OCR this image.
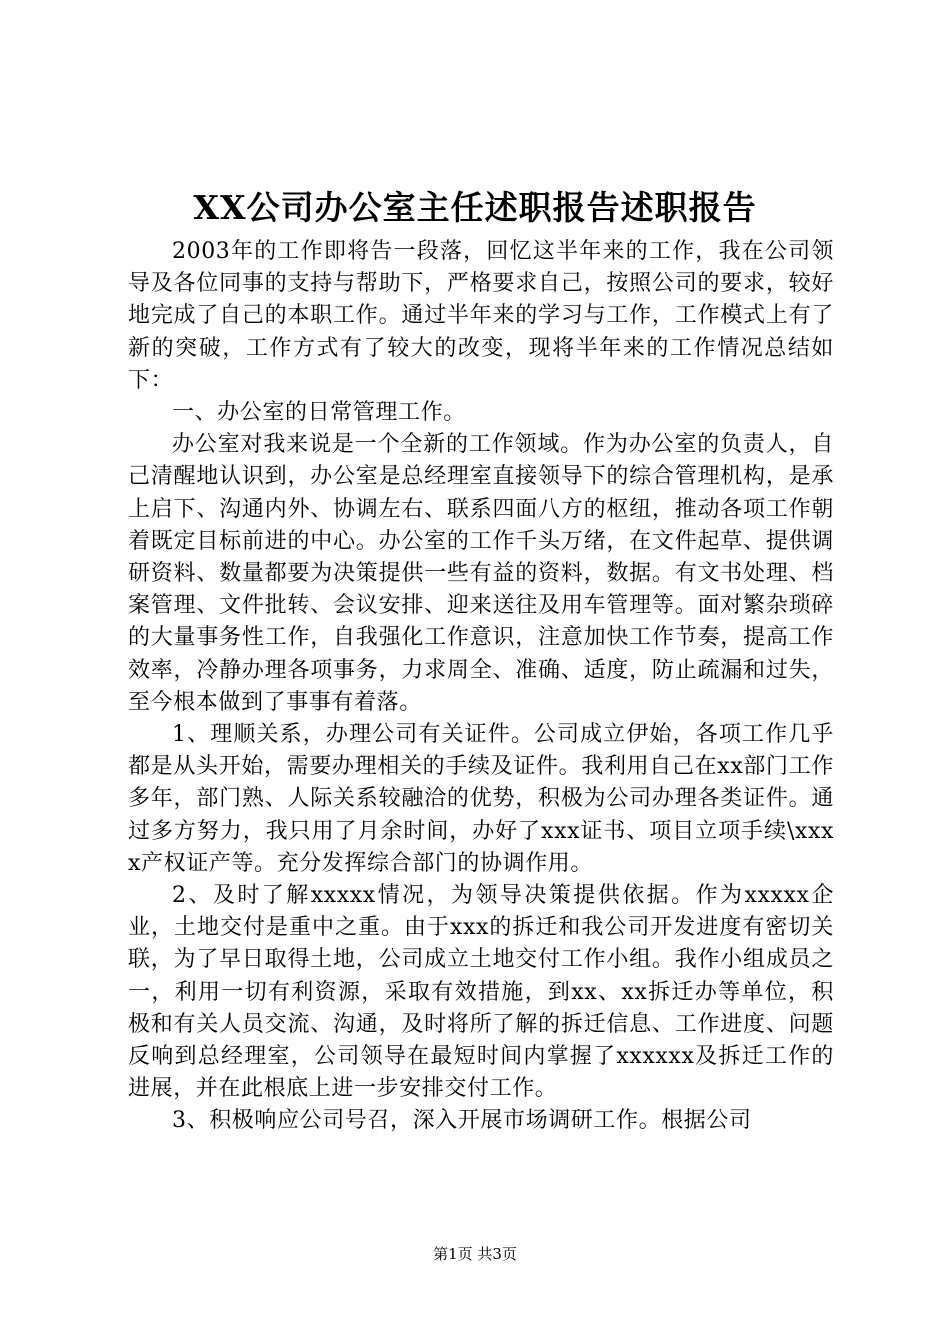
XX公司办公室主任述职报告述职报告

2003年的工作即将告一段落，回忆这半年来的工作，我在公司领导及各位同事的支持与帮助下，严格要求自己，按照公司的要求，较好地完成了自己的本职工作。通过半年来的学习与工作，工作模式上有了新的突破，工作方式有了较大的改变，现将半年来的工作情况总结如下：

一、办公室的日常管理工作。

办公室对我来说是一个全新的工作领域。作为办公室的负责人，自己清醒地认识到，办公室是总经理室直接领导下的综合管理机构，是承上启下、沟通内外、协调左右、联系四面八方的枢纽，推动各项工作朝着既定目标前进的中心。办公室的工作千头万绪，在文件起草、提供调研资料、数量都要为决策提供一些有益的资料，数据。有文书处理、档案管理、文件批转、会议安排、迎来送往及用车管理等。面对繁杂琐碎的大量事务性工作，自我强化工作意识，注意加快工作节奏，提高工作效率，冷静办理各项事务，力求周全、准确、适度，防止疏漏和过失，至今根本做到了事事有着落。

1、理顺关系，办理公司有关证件。公司成立伊始，各项工作几乎都是从头开始，需要办理相关的手续及证件。我利用自己在xx部门工作多年，部门熟、人际关系较融洽的优势，积极为公司办理各类证件。通过多方努力，我只用了月余时间，办好了xxx证书、项目立项手续\xxxx产权证产等。充分发挥综合部门的协调作用。

2、及时了解xxxxx情况，为领导决策提供依据。作为xxxxx企业，土地交付是重中之重。由于xxx的拆迁和我公司开发进度有密切关联，为了早日取得土地，公司成立土地交付工作小组。我作小组成员之一，利用一切有利资源，采取有效措施，到xx、xx拆迁办等单位，积极和有关人员交流、沟通，及时将所了解的拆迁信息、工作进度、问题反响到总经理室，公司领导在最短时间内掌握了xxxxxx及拆迁工作的进展，并在此根底上进一步安排交付工作。

3、积极响应公司号召，深入开展市场调研工作。根据公司

第1页 共3页
